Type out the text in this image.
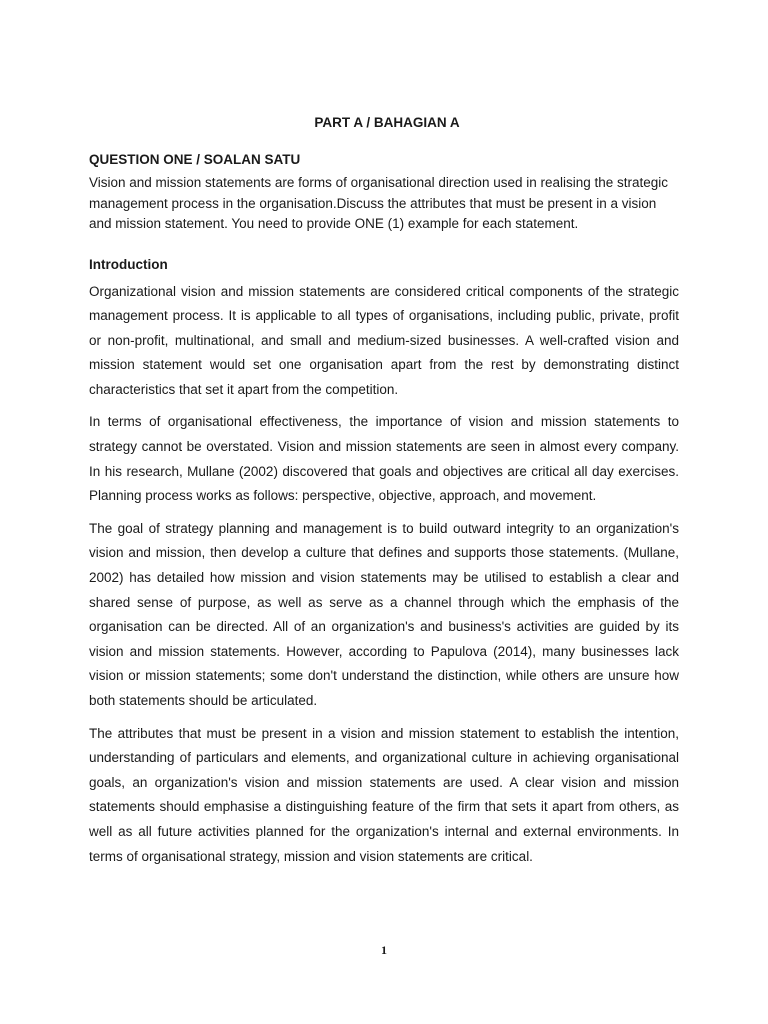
PART A / BAHAGIAN A
QUESTION ONE / SOALAN SATU
Vision and mission statements are forms of organisational direction used in realising the strategic management process in the organisation.Discuss the attributes that must be present in a vision and mission statement. You need to provide ONE (1) example for each statement.
Introduction

Organizational vision and mission statements are considered critical components of the strategic management process. It is applicable to all types of organisations, including public, private, profit or non-profit, multinational, and small and medium-sized businesses. A well-crafted vision and mission statement would set one organisation apart from the rest by demonstrating distinct characteristics that set it apart from the competition.

In terms of organisational effectiveness, the importance of vision and mission statements to strategy cannot be overstated. Vision and mission statements are seen in almost every company. In his research, Mullane (2002) discovered that goals and objectives are critical all day exercises. Planning process works as follows: perspective, objective, approach, and movement.

The goal of strategy planning and management is to build outward integrity to an organization's vision and mission, then develop a culture that defines and supports those statements. (Mullane, 2002) has detailed how mission and vision statements may be utilised to establish a clear and shared sense of purpose, as well as serve as a channel through which the emphasis of the organisation can be directed. All of an organization's and business's activities are guided by its vision and mission statements. However, according to Papulova (2014), many businesses lack vision or mission statements; some don't understand the distinction, while others are unsure how both statements should be articulated.

The attributes that must be present in a vision and mission statement to establish the intention, understanding of particulars and elements, and organizational culture in achieving organisational goals, an organization's vision and mission statements are used. A clear vision and mission statements should emphasise a distinguishing feature of the firm that sets it apart from others, as well as all future activities planned for the organization's internal and external environments. In terms of organisational strategy, mission and vision statements are critical.

1
